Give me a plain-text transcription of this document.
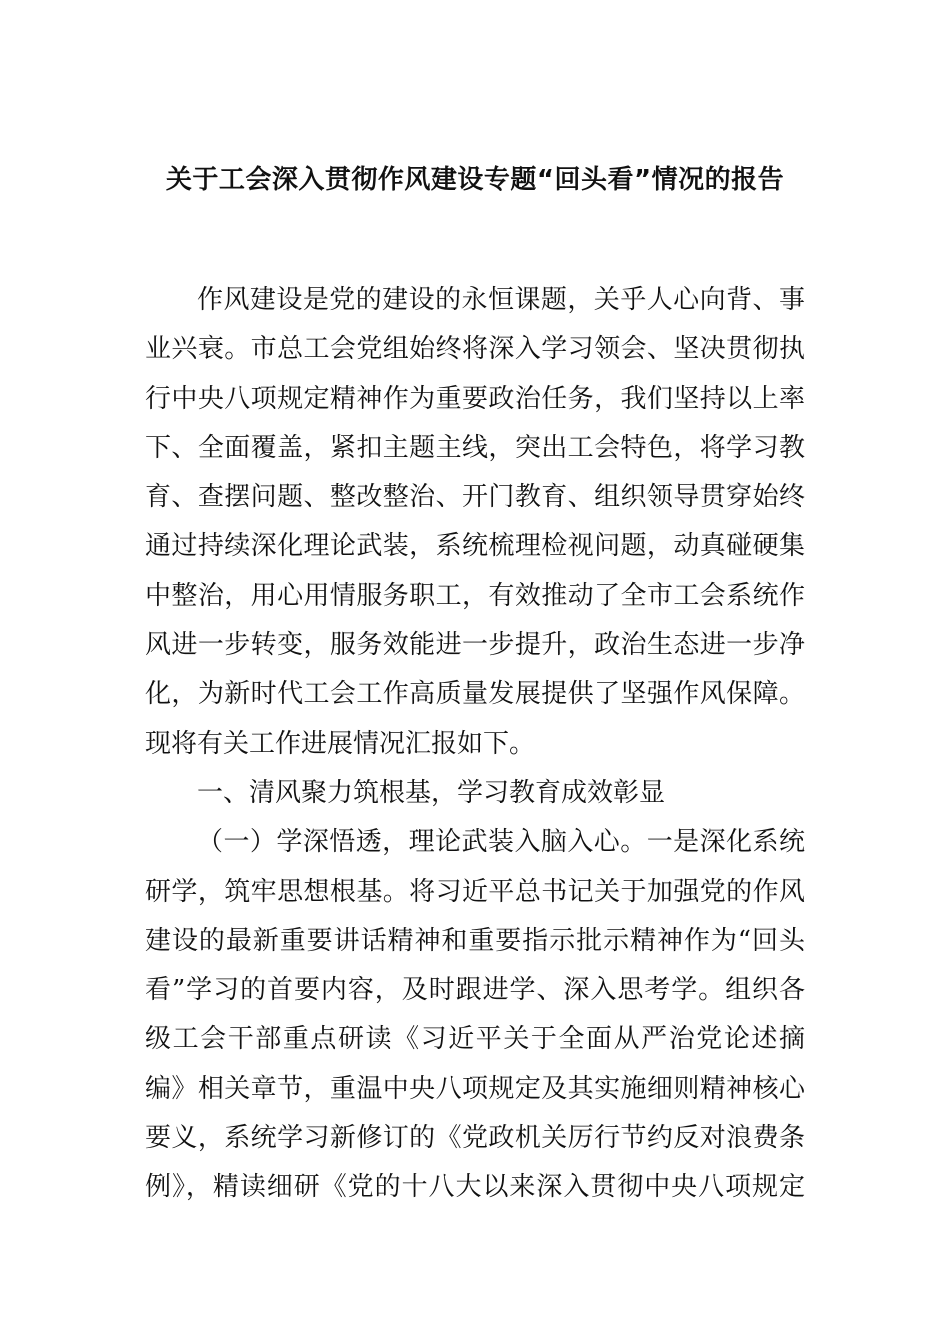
关于工会深入贯彻作风建设专题“回头看”情况的报告
作风建设是党的建设的永恒课题，关乎人心向背、事
业兴衰。市总工会党组始终将深入学习领会、坚决贯彻执
行中央八项规定精神作为重要政治任务，我们坚持以上率
下、全面覆盖，紧扣主题主线，突出工会特色，将学习教
育、查摆问题、整改整治、开门教育、组织领导贯穿始终
通过持续深化理论武装，系统梳理检视问题，动真碰硬集
中整治，用心用情服务职工，有效推动了全市工会系统作
风进一步转变，服务效能进一步提升，政治生态进一步净
化，为新时代工会工作高质量发展提供了坚强作风保障。
现将有关工作进展情况汇报如下。
一、清风聚力筑根基，学习教育成效彰显
（一）学深悟透，理论武装入脑入心。一是深化系统
研学，筑牢思想根基。将习近平总书记关于加强党的作风
建设的最新重要讲话精神和重要指示批示精神作为“回头
看”学习的首要内容，及时跟进学、深入思考学。组织各
级工会干部重点研读《习近平关于全面从严治党论述摘
编》相关章节，重温中央八项规定及其实施细则精神核心
要义，系统学习新修订的《党政机关厉行节约反对浪费条
例》，精读细研《党的十八大以来深入贯彻中央八项规定
